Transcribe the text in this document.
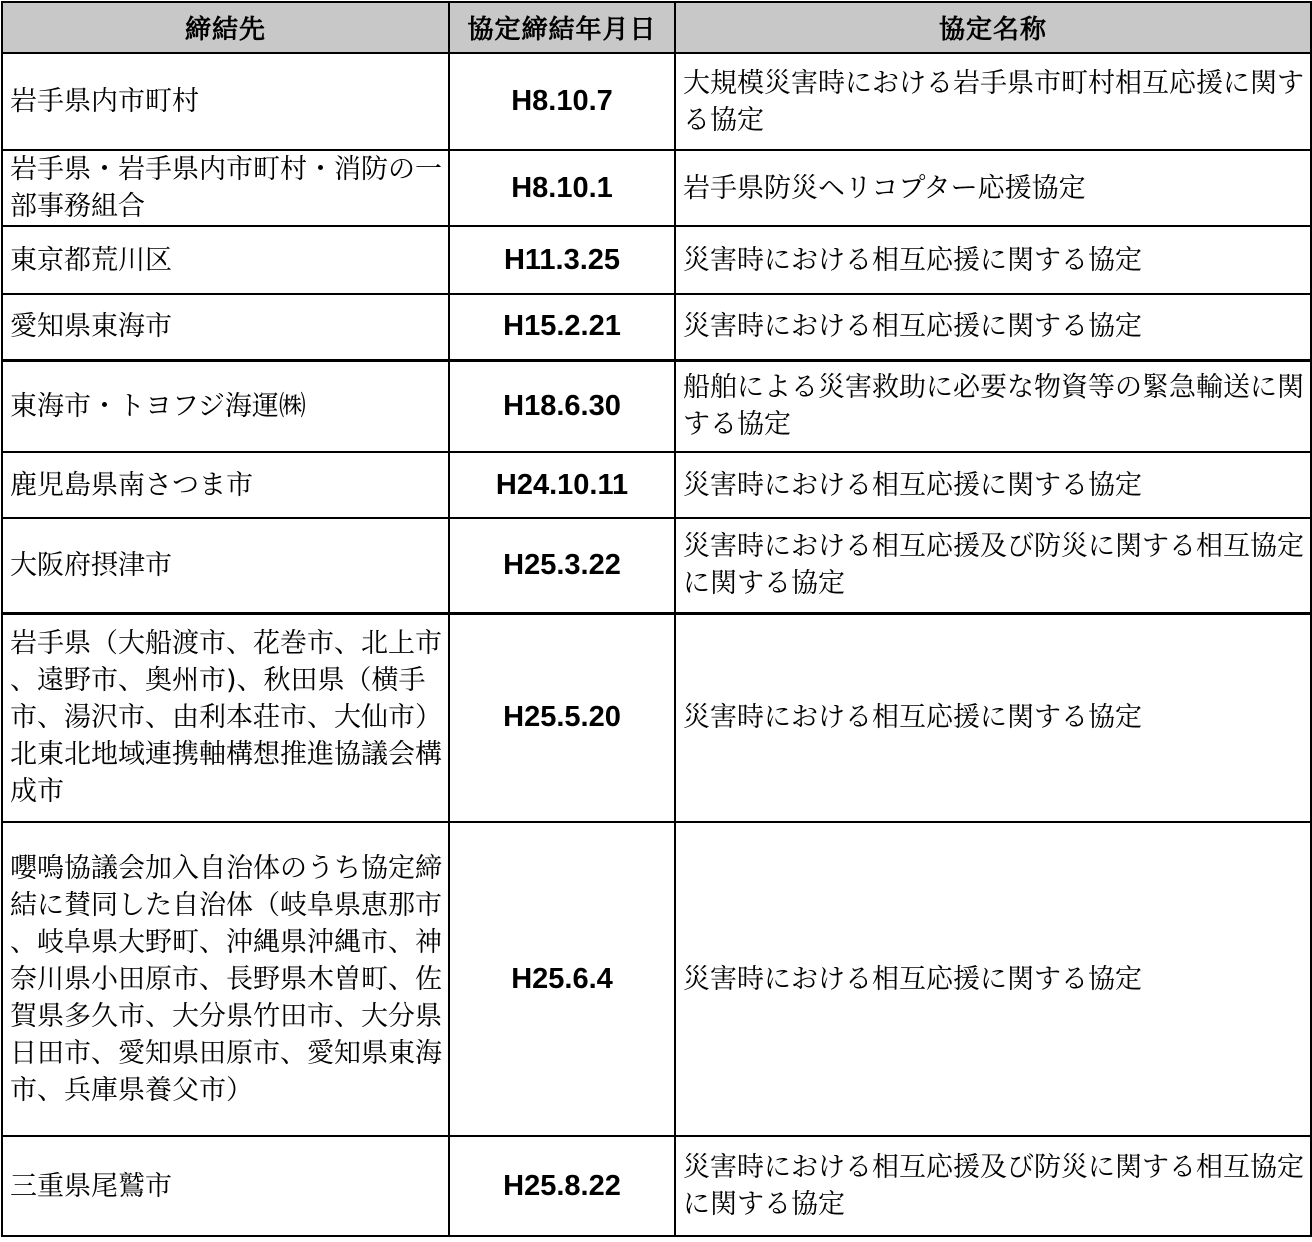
締結先	協定締結年月日	協定名称
岩手県内市町村	H8.10.7	大規模災害時における岩手県市町村相互応援に関する協定
岩手県・岩手県内市町村・消防の一部事務組合	H8.10.1	岩手県防災ヘリコプター応援協定
東京都荒川区	H11.3.25	災害時における相互応援に関する協定
愛知県東海市	H15.2.21	災害時における相互応援に関する協定
東海市・トヨフジ海運㈱	H18.6.30	船舶による災害救助に必要な物資等の緊急輸送に関する協定
鹿児島県南さつま市	H24.10.11	災害時における相互応援に関する協定
大阪府摂津市	H25.3.22	災害時における相互応援及び防災に関する相互協定に関する協定
岩手県（大船渡市、花巻市、北上市、遠野市、奥州市)、秋田県（横手市、湯沢市、由利本荘市、大仙市）北東北地域連携軸構想推進協議会構成市	H25.5.20	災害時における相互応援に関する協定
嚶鳴協議会加入自治体のうち協定締結に賛同した自治体（岐阜県恵那市、岐阜県大野町、沖縄県沖縄市、神奈川県小田原市、長野県木曽町、佐賀県多久市、大分県竹田市、大分県日田市、愛知県田原市、愛知県東海市、兵庫県養父市）	H25.6.4	災害時における相互応援に関する協定
三重県尾鷲市	H25.8.22	災害時における相互応援及び防災に関する相互協定に関する協定
